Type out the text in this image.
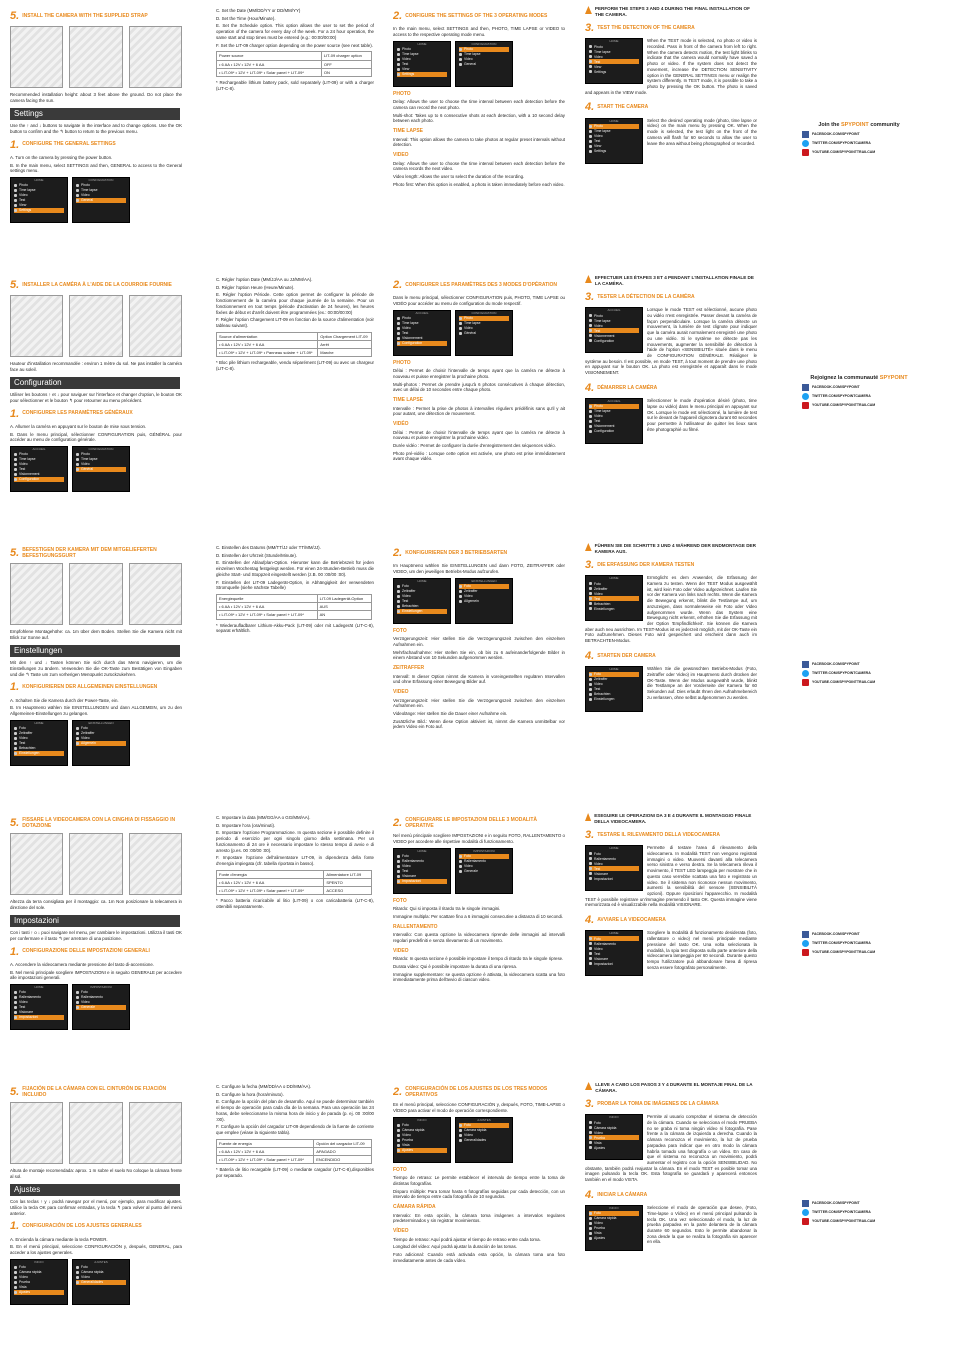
5. INSTALL THE CAMERA WITH THE SUPPLIED STRAP
Recommended installation height: about 3 feet above the ground. Do not place the camera facing the sun.
Settings
Use the ↑ and ↓ buttons to navigate in the interface and to change options. Use the OK button to confirm and the ↰ button to return to the previous menu.
1. CONFIGURE THE GENERAL SETTINGS
A. Turn on the camera by pressing the power button.
B. In the main menu, select SETTINGS and then, GENERAL to access to the General settings menu.
HOME
Photo
Time lapse
Video
Test
View
Settings
CONFIGURATION
Photo
Time lapse
Video
General
C. Set the Date (MM/DD/YY or DD/MM/YY)
D. Set the Time (Hour/Minute).
E. Set the Schedule option. This option allows the user to set the period of operation of the camera for every day of the week. For a 24 hour operation, the same start and stop times must be entered (e.g.: 00:00/00:00)
F. Set the LIT-09 charger option depending on the power source (see next table).
Power source	LIT-09 charger option
• 6 AA • 12V • 12V + 6 AA	OFF
• LIT-09* • 12V + LIT-09* • Solar panel + LIT-09*	ON
* Rechargeable lithium battery pack, sold separately (LIT-09) or with a charger (LIT-C-8).
2. CONFIGURE THE SETTINGS OF THE 3 OPERATING MODES
In the main menu, select SETTINGS and then, PHOTO, TIME LAPSE or VIDEO to access to the respective operating mode menu.
HOME
Photo
Time lapse
Video
Test
View
Settings
CONFIGURATION
Photo
Time lapse
Video
General
PHOTO
Delay: Allows the user to choose the time interval between each detection before the camera can record the next photo.
Multi-shot: Takes up to 6 consecutive shots at each detection, with a 10 second delay between each photo.
TIME LAPSE
Interval: This option allows the camera to take photos at regular preset intervals without detection.
VIDEO
Delay: Allows the user to choose the time interval between each detection before the camera records the next video.
Video length: Allows the user to select the duration of the recording.
Photo first: When this option is enabled, a photo is taken immediately before each video.
PERFORM THE STEPS 3 AND 4 DURING THE FINAL INSTALLATION OF THE CAMERA.
3. TEST THE DETECTION OF THE CAMERA
HOME
Photo
Time lapse
Video
Test
View
Settings
When the TEST mode is selected, no photo or video is recorded. Pass in front of the camera from left to right. When the camera detects motion, the test light blinks to indicate that the camera would normally have saved a photo or video. If the system does not detect the movement, increase the DETECTION SENSITIVITY option in the GENERAL SETTINGS menu or realign the system differently. In TEST mode, it is possible to take a photo by pressing the OK button. The photo is saved and appears in the VIEW mode.
4. START THE CAMERA
HOME
Photo
Time lapse
Video
Test
View
Settings
Select the desired operating mode (photo, time lapse or video) on the main menu by pressing OK. When the mode is selected, the test light on the front of the camera will flash for 60 seconds to allow the user to leave the area without being photographed or recorded.
Join the SPYPOINT community
FACEBOOK.COM/SPYPOINT
TWITTER.COM/SPYPOINTCAMERA
YOUTUBE.COM/SPYPOINTTRAILCAM
5. INSTALLER LA CAMÉRA À L'AIDE DE LA COURROIE FOURNIE
Hauteur d'installation recommandée : environ 1 mètre du sol. Ne pas installer la caméra face au soleil.
Configuration
Utiliser les boutons ↑ et ↓ pour naviguer sur l'interface et changer d'option, le bouton OK pour sélectionner et le bouton ↰ pour retourner au menu précédent.
1. CONFIGURER LES PARAMÈTRES GÉNÉRAUX
A. Allumer la caméra en appuyant sur le bouton de mise sous tension.
B. Dans le menu principal, sélectionner CONFIGURATION puis, GÉNÉRAL pour accéder au menu de configuration générale.
ACCUEIL
Photo
Time lapse
Vidéo
Test
Visionnement
Configuration
CONFIGURATION
Photo
Time lapse
Vidéo
Général
C. Régler l'option Date (MM/JJ/AA ou JJ/MM/AA).
D. Régler l'option Heure (Heure/Minute).
E. Régler l'option Période. Cette option permet de configurer la période de fonctionnement de la caméra pour chaque journée de la semaine. Pour un fonctionnement en tout temps (période d'activation de 24 heures), les heures fixées de début et d'arrêt doivent être programmées (ex.: 00:00/00:00)
F. Régler l'option Chargement LIT-09 en fonction de la source d'alimentation (voir tableau suivant).
Source d'alimentation	Option Chargement LIT-09
• 6 AA • 12V • 12V + 6 AA	Arrêt
• LIT-09* • 12V + LIT-09* • Panneau solaire + LIT-09*	Marche
* Bloc pile lithium rechargeable, vendu séparément (LIT-09) ou avec un chargeur (LIT-C-8).
2. CONFIGURER LES PARAMÈTRES DES 3 MODES D'OPÉRATION
Dans le menu principal, sélectionner CONFIGURATION puis, PHOTO, TIME LAPSE ou VIDÉO pour accéder au menu de configuration du mode respectif.
ACCUEIL
Photo
Time lapse
Vidéo
Test
Visionnement
Configuration
CONFIGURATION
Photo
Time lapse
Vidéo
Général
PHOTO
Délai : Permet de choisir l'intervalle de temps ayant que la caméra ne détecte à nouveau et puisse enregistrer la prochaine photo.
Multi-photos : Permet de prendre jusqu'à 6 photos consécutives à chaque détection, avec un délai de 10 secondes entre chaque photo.
TIME LAPSE
Intervalle : Permet la prise de photos à intervalles réguliers prédéfinis sans qu'il y ait pour autant, une détection de mouvement.
VIDÉO
Délai : Permet de choisir l'intervalle de temps ayant que la caméra ne détecte à nouveau et puisse enregistrer la prochaine vidéo.
Durée vidéo : Permet de configurer la durée d'enregistrement des séquences vidéo.
Photo pré-vidéo : Lorsque cette option est activée, une photo est prise immédiatement avant chaque vidéo.
EFFECTUER LES ÉTAPES 3 ET 4 PENDANT L'INSTALLATION FINALE DE LA CAMÉRA.
3. TESTER LA DÉTECTION DE LA CAMÉRA
ACCUEIL
Photo
Time lapse
Vidéo
Test
Visionnement
Configuration
Lorsque le mode TEST est sélectionné, aucune photo ou vidéo n'est enregistrée. Passer devant la caméra de façon perpendiculaire. Lorsque la caméra détecte un mouvement, la lumière de test clignote pour indiquer que la caméra aurait normalement enregistré une photo ou une vidéo. Si le système ne détecte pas les mouvements, augmenter la sensibilité de détection à l'aide de l'option «SENSIBILITÉ» située dans le menu de CONFIGURATION GÉNÉRALE. Réaligner le système au besoin. Il est possible, en mode TEST, à tout moment de prendre une photo en appuyant sur le bouton OK. La photo est enregistrée et apparaît dans le mode VISIONNEMENT.
4. DÉMARRER LA CAMÉRA
ACCUEIL
Photo
Time lapse
Vidéo
Test
Visionnement
Configuration
Sélectionner le mode d'opération désiré (photo, time lapse ou vidéo) dans le menu principal en appuyant sur OK. Lorsque le mode est sélectionné, la lumière de test sur le devant de l'appareil clignotera durant 60 secondes pour permettre à l'utilisateur de quitter les lieux sans être photographié ou filmé.
Rejoignez la communauté SPYPOINT
FACEBOOK.COM/SPYPOINT
TWITTER.COM/SPYPOINTCAMERA
YOUTUBE.COM/SPYPOINTTRAILCAM
5. BEFESTIGEN DER KAMERA MIT DEM MITGELIEFERTEN BEFESTIGUNGSGURT
Empfohlene Montagehöhe: ca. 1m über dem Boden. Stellen Sie die Kamera nicht mit Blick zur Sonne auf.
Einstellungen
Mit den ↑ und ↓ Tasten können Sie sich durch das Menü navigieren, um die Einstellungen zu ändern. Verwenden Sie die OK-Taste zum Bestätigen von Eingaben und die ↰ Taste um zum vorherigen Menüpunkt zurückzukehren.
1. KONFIGURIEREN DER ALLGEMEINEN EINSTELLUNGEN
A. Schalten Sie die Kamera durch der Power-Taste, ein.
B. Im Hauptmenü wählen Sie EINSTELLUNGEN und dann ALLGEMEIN, um zu den Allgemeinen-Einstellungen zu gelangen.
HOME
Foto
Zeitraffer
Video
Test
Betrachten
Einstellungen
EINSTELLUNGEN
Foto
Zeitraffer
Video
Allgemein
C. Einstellen des Datums (MM/TT/JJ oder TT/MM/JJ).
D. Einstellen der Uhrzeit (Stunde/Minute).
E. Einstellen der Ablaufplan-Option. Hierunter kann die Betriebszeit für jeden einzelnen Wochentag festgelegt werden. Für einen 24-Stunden-Betrieb muss die gleiche Start- und Stoppzeit eingestellt werden (z.B. 00 :00/00 :00).
F. Einstellen der LIT-09 Ladegerät-Option, in Abhängigkeit der verwendeten Stromquelle (siehe nächste Tabelle)
Energiequelle	LIT-09 Ladegerät-Option
• 6 AA • 12V • 12V + 6 AA	AUS
• LIT-09* • 12V + LIT-09* • Solar panel + LIT-09*	AN
* Wiederaufladbarer Lithium-Akku-Pack (LIT-09) oder mit Ladegerät (LIT-C-8), separat erhältlich.
2. KONFIGURIEREN DER 3 BETRIEBSARTEN
Im Hauptmenü wählen Sie EINSTELLUNGEN und dann FOTO, ZEITRAFFER oder VIDEO, um den jeweiligen Betriebs-Modus aufzurufen.
HOME
Foto
Zeitraffer
Video
Test
Betrachten
Einstellungen
EINSTELLUNGEN
Foto
Zeitraffer
Video
Allgemein
FOTO
Verzögerungszeit: Hier stellen Sie die Verzögerungszeit zwischen den einzelnen Aufnahmen ein.
Mehrfachaufnahme: Hier stellen Sie ein, ob bis zu 6 aufeinanderfolgende Bilder in einem Abstand von 10 Sekunden aufgenommen werden.
ZEITRAFFER
Intervall: In dieser Option nimmt die Kamera in voreingestellten regulären Intervallen und ohne Erfassung einer Bewegung Bilder auf.
VIDEO
Verzögerungszeit: Hier stellen Sie die Verzögerungszeit zwischen den einzelnen Aufnahmen ein.
Videolänge: Hier stellen Sie die Dauer einer Aufnahme ein.
Zusätzliche Bild.: Wenn diese Option aktiviert ist, nimmt die Kamera unmittelbar vor jedem Video ein Foto auf.
FÜHREN SIE DIE SCHRITTE 3 UND 4 WÄHREND DER ENDMONTAGE DER KAMERA AUS.
3. DIE ERFASSUNG DER KAMERA TESTEN
HOME
Foto
Zeitraffer
Video
Test
Betrachten
Einstellungen
Ermöglicht es dem Anwender, die Erfassung der Kamera zu testen. Wenn der TEST Modus ausgewählt ist, wird kein Foto oder Video aufgezeichnet. Laufen Sie vor der Kamera von links nach rechts. Wenn die Kamera die Bewegung erkennt, blinkt die Testlampe auf, um anzuzeigen, dass normalerweise ein Foto oder Video aufgenommen wurde. Wenn das System eine Bewegung nicht erkennt, erhöhen Sie die Erfassung mit der Option 'Empfindlichkeit'. Sie können die Kamera aber auch neu ausrichten. Im TEST-Modus ist es jederzeit möglich, mit der OK-Taste ein Foto aufzunehmen. Dieses Foto wird gespeichert und erscheint dann auch im BETRACHTEN-Modus.
4. STARTEN DER CAMERA
HOME
Foto
Zeitraffer
Video
Test
Betrachten
Einstellungen
Wählen Sie die gewünschten Betriebs-Modus (Foto, Zeitraffer oder Video) im Hauptmenü durch drücken der OK-Taste. Wenn der Modus ausgewählt wurde, blinkt die Testlampe an der Vorderseite der Kamera für 60 Sekunden auf. Dies erlaubt Ihnen den Aufnahmebereich zu verlassen, ohne selbst aufgenommen zu werden.
FACEBOOK.COM/SPYPOINT
TWITTER.COM/SPYPOINTCAMERA
YOUTUBE.COM/SPYPOINTTRAILCAM
5. FISSARE LA VIDEOCAMERA CON LA CINGHIA DI FISSAGGIO IN DOTAZIONE
Altezza da terra consigliata per il montaggio: ca. 1m Non posizionare la telecamera in direzione del sole.
Impostazioni
Con i tasti ↑ o ↓ puoi navigare nel menu, per cambiare le impostazioni. Utilizza il tasti OK per confermare e il tasto ↰ per arretrare di una posizione.
1. CONFIGURAZIONE DELLE IMPOSTAZIONI GENERALI
A. Accendere la videocamera mediante pressione del tasto di-accensione.
B. Nel menù principale scegliere IMPOSTAZIONI e in seguito GENERALE per accedere alle impostazioni generali.
HOME
Foto
Rallentamento
Video
Test
Visionare
Impostazioni
IMPOSTAZIONI
Foto
Rallentamento
Video
Generale
C. Impostare la data (MM/GG/AA o GG/MM/AA).
D. Impostare l'ora (ora/minuti).
E. Impostare l'opzione Programmazione. In questa sezione è possibile definire il periodo di esercizio per ogni singolo giorno della settimana. Per un funzionamento di 24 ore è necessario impostare lo stesso tempo di avvio e di arresto (p.es. 00 :00/00 :00).
F. Impostare l'opzione dell'alimentatore LIT-09, in dipendenza della fonte d'energia impiegata (cfr. tabella riportata in basso).
Fonte d'energia	Alimentatore LIT-09
• 6 AA • 12V • 12V + 6 AA	SPENTO
• LIT-09* • 12V + LIT-09* • Solar panel + LIT-09*	ACCESO
* Pacco batteria ricaricabile al litio (LIT-09) o con caricabatteria (LIT-C-8), ottenibili separatamente.
2. CONFIGURARE LE IMPOSTAZIONI DELLE 3 MODALITÀ OPERATIVE
Nel menù principale scegliere IMPOSTAZIONI e in seguito FOTO, RALLENTAMENTO o VIDEO per accedere alle rispettive modalità di funzionamento.
HOME
Foto
Rallentamento
Video
Test
Visionare
Impostazioni
IMPOSTAZIONI
Foto
Rallentamento
Video
Generale
FOTO
Ritardo: Qui si imposta il ritardo tra le singole immagini.
Immagine multipla: Per scattare fino a 6 immagini consecutive a distanza di 10 secondi.
RALLENTAMENTO
Intervallo: Con questa opzione la videocamera riprende delle immagini ad intervalli regolari predefiniti e senza rilevamento di un movimento.
VIDEO
Ritardo: In questa sezione è possibile impostare il tempo di ritardo tra le singole riprese.
Durata video: Qui è possibile impostare la durata di una ripresa.
Immagine supplementare: se questa opzione è attivata, la videocamera scatta una foto immediatamente prima dell'avvio di ciascun video.
ESEGUIRE LE OPERAZIONI DA 3 E 4 DURANTE IL MONTAGGIO FINALE DELLA VIDEOCAMERA.
3. TESTARE IL RILEVAMENTO DELLA VIDEOCAMERA
HOME
Foto
Rallentamento
Video
Test
Visionare
Impostazioni
Permette di testare l'area di rilevamento della videocamera. In modalità TEST non vengono registrati immagini o video. Muoversi davanti alla telecamera verso sinistra e verso destra. Se la telecamera rileva il movimento, il TEST LED lampeggia per mostrare che in questo caso verrebbe scattata una foto e registrato un video. Se il sistema non riconosce nessun movimento, aumenti la sensibilità del sensore (SENSIBILITÀ opzioni). Oppure riposizioni l'apparecchio. In modalità TEST è possibile registrare un'immagine premendo il tasto OK. Questa immagine viene memorizzata ed è visualizzabile nella modalità VISIONARE.
4. AVVIARE LA VIDEOCAMERA
HOME
Foto
Rallentamento
Video
Test
Visionare
Impostazioni
Scegliere la modalità di funzionamento desiderata (foto, rallentatore o video) nel menù principale mediante pressione del tasto OK. Una volta selezionata la modalità, la spia test disposta sulla parte anteriore della videocamera lampeggia per 60 secondi. Durante questo tempo l'utilizzatore può abbandonare l'area di ripresa senza essere fotografato personalmente.
FACEBOOK.COM/SPYPOINT
TWITTER.COM/SPYPOINTCAMERA
YOUTUBE.COM/SPYPOINTTRAILCAM
5. FIJACIÓN DE LA CÁMARA CON EL CINTURÓN DE FIJACIÓN INCLUIDO
Altura de montaje recomendada: aprox. 1 m sobre el suelo No coloque la cámara frente al sol.
Ajustes
Con las teclas ↑ y ↓ podrá navegar por el menú, por ejemplo, para modificar ajustes. Utilice la tecla OK para confirmar entradas, y la tecla ↰ para volver al punto del menú anterior.
1. CONFIGURACIÓN DE LOS AJUSTES GENERALES
A. Encienda la cámara mediante la tecla POWER.
B. En el menú principal, seleccione CONFIGURACIÓN y, después, GENERAL, para acceder a los ajustes generales.
INICIO
Foto
Cámara rápida
Vídeo
Prueba
Vista
Ajustes
AJUSTES
Foto
Cámara rápida
Vídeo
Generalidades
C. Configure la fecha (MM/DD/AA o DD/MM/AA).
D. Configure la hora (hora/minuto).
E. Configure la opción del plan de desarrollo. Aquí se puede determinar también el tiempo de operación para cada día de la semana. Para una operación las 24 horas, debe seleccionarse la misma hora de inicio y de parada (p. ej. 00 :00/00 :00).
F. Configure la opción del cargador LIT-09 dependiendo de la fuente de corriente que emplee (véase la siguiente tabla).
Fuente de energía	Opción del cargador LIT-09
• 6 AA • 12V • 12V + 6 AA	APAGADO
• LIT-09* • 12V + LIT-09* • Solar panel + LIT-09*	ENCENDIDO
* Batería de litio recargable (LIT-09) o mediante cargador (LIT-C-8),disponibles por separado.
2. CONFIGURACIÓN DE LOS AJUSTES DE LOS TRES MODOS OPERATIVOS
En el menú principal, seleccione CONFIGURACIÓN y, después, FOTO, TIME-LAPSE o VÍDEO para activar el modo de operación correspondiente.
INICIO
Foto
Cámara rápida
Vídeo
Prueba
Vista
Ajustes
AJUSTES
Foto
Cámara rápida
Vídeo
Generalidades
FOTO
Tiempo de retraso: Le permite establecer el intervalo de tiempo entre la toma de distintas fotografías.
Disparo múltiple: Para tomar hasta 6 fotografías seguidas por cada detección, con un intervalo de tiempo entre cada fotografía de 10 segundos.
CÁMARA RÁPIDA
Intervalo: En esta opción, la cámara toma imágenes a intervalos regulares predeterminados y sin registrar movimientos.
VÍDEO
Tiempo de retraso: Aquí podrá ajustar el tiempo de retraso entre cada toma.
Longitud del vídeo: Aquí podrá ajustar la duración de las tomas.
Foto adicional: Cuando está activada esta opción, la cámara toma una foto inmediatamente antes de cada vídeo.
LLEVE A CABO LOS PASOS 3 Y 4 DURANTE EL MONTAJE FINAL DE LA CÁMARA.
3. PROBAR LA TOMA DE IMÁGENES DE LA CÁMARA
INICIO
Foto
Cámara rápida
Vídeo
Prueba
Vista
Ajustes
Permite al usuario comprobar el sistema de detección de la cámara. Cuando se selecciona el modo PRUEBA no se graba ni toma ningún vídeo ni fotografía. Pase frente a la cámara de izquierda a derecha. Cuando la cámara reconozca el movimiento, la luz de prueba parpadea para indicar que en otro modo la cámara habría tomado una fotografía o un vídeo. En caso de que el sistema no reconozca un movimiento, podrá aumentar el registro con la opción SENSIBILIDAD. No obstante, también podrá reajustar la cámara. En el modo TEST es posible tomar una imagen pulsando la tecla OK. Esta fotografía se guardará y aparecerá entonces también en el modo VISTA.
4. INICIAR LA CÁMARA
INICIO
Foto
Cámara rápida
Vídeo
Prueba
Vista
Ajustes
Seleccione el modo de operación que desee, (Foto, Time-lapse o Vídeo) en el menú principal pulsando la tecla OK. Una vez seleccionado el modo, la luz de prueba parpadea en la parte delantera de la cámara durante 60 segundos. Esto le permite abandonar la zona desde la que se realiza la fotografía sin aparecer en ella.
FACEBOOK.COM/SPYPOINT
TWITTER.COM/SPYPOINTCAMERA
YOUTUBE.COM/SPYPOINTTRAILCAM
